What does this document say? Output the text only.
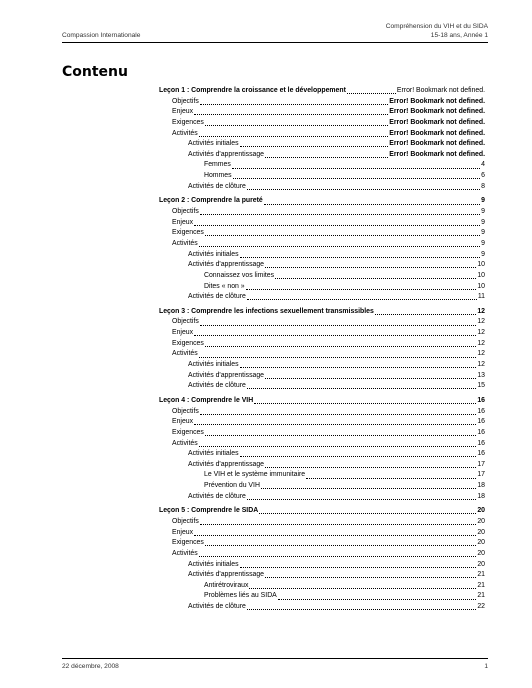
Compassion Internationale
Compréhension du VIH et du SIDA
15-18 ans, Année 1
Contenu
Leçon 1 : Comprendre la croissance et le développement	Error! Bookmark not defined.
Objectifs	Error! Bookmark not defined.
Enjeux	Error! Bookmark not defined.
Exigences	Error! Bookmark not defined.
Activités	Error! Bookmark not defined.
Activités initiales	Error! Bookmark not defined.
Activités d'apprentissage	Error! Bookmark not defined.
Femmes	4
Hommes	6
Activités de clôture	8
Leçon 2 : Comprendre la pureté	9
Objectifs	9
Enjeux	9
Exigences	9
Activités	9
Activités initiales	9
Activités d'apprentissage	10
Connaissez vos limites	10
Dites « non »	10
Activités de clôture	11
Leçon 3 : Comprendre les infections sexuellement transmissibles	12
Objectifs	12
Enjeux	12
Exigences	12
Activités	12
Activités initiales	12
Activités d'apprentissage	13
Activités de clôture	15
Leçon 4 : Comprendre le VIH	16
Objectifs	16
Enjeux	16
Exigences	16
Activités	16
Activités initiales	16
Activités d'apprentissage	17
Le VIH et le système immunitaire	17
Prévention du VIH	18
Activités de clôture	18
Leçon 5 : Comprendre le SIDA	20
Objectifs	20
Enjeux	20
Exigences	20
Activités	20
Activités initiales	20
Activités d'apprentissage	21
Antirétroviraux	21
Problèmes liés au SIDA	21
Activités de clôture	22
22 décembre, 2008	1
